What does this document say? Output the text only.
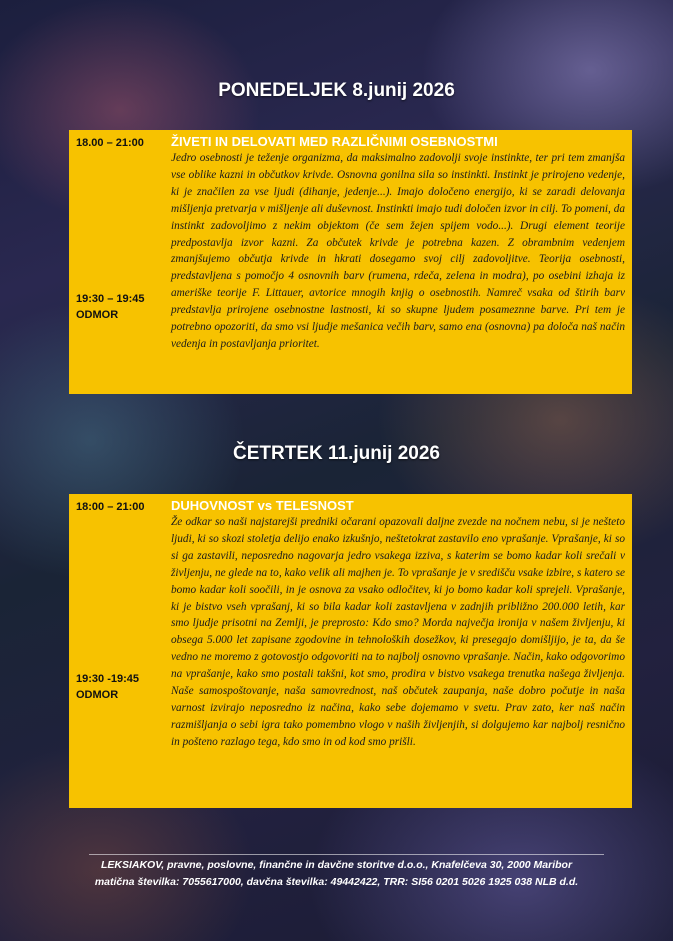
PONEDELJEK 8.junij 2026
18.00 – 21:00
19:30 – 19:45
ODMOR
ŽIVETI IN DELOVATI MED RAZLIČNIMI OSEBNOSTMI

Jedro osebnosti je teženje organizma, da maksimalno zadovolji svoje instinkte, ter pri tem zmanjša vse oblike kazni in občutkov krivde. Osnovna gonilna sila so instinkti. Instinkt je prirojeno vedenje, ki je značilen za vse ljudi (dihanje, jedenje...). Imajo določeno energijo, ki se zaradi delovanja mišljenja pretvarja v mišljenje ali duševnost. Instinkti imajo tudi določen izvor in cilj. To pomeni, da instinkt zadovoljimo z nekim objektom (če sem žejen spijem vodo...). Drugi element teorije predpostavlja izvor kazni. Za občutek krivde je potrebna kazen. Z obrambnim vedenjem zmanjšujemo občutja krivde in hkrati dosegamo svoj cilj zadovoljitve. Teorija osebnosti, predstavljena s pomočjo 4 osnovnih barv (rumena, rdeča, zelena in modra), po osebini izhaja iz ameriške teorije F. Littauer, avtorice mnogih knjig o osebnostih. Namreč vsaka od štirih barv predstavlja prirojene osebnostne lastnosti, ki so skupne ljudem posameznne barve. Pri tem je potrebno opozoriti, da smo vsi ljudje mešanica večih barv, samo ena (osnovna) pa določa naš način vedenja in postavljanja prioritet.

ČETRTEK 11.junij 2026
18:00 – 21:00
19:30 -19:45
ODMOR
DUHOVNOST vs TELESNOST

Že odkar so naši najstarejši predniki očarani opazovali daljne zvezde na nočnem nebu, si je nešteto ljudi, ki so skozi stoletja delijo enako izkušnjo, neštetokrat zastavilo eno vprašanje. Vprašanje, ki so si ga zastavili, neposredno nagovarja jedro vsakega izziva, s katerim se bomo kadar koli srečali v življenju, ne glede na to, kako velik ali majhen je. To vprašanje je v središču vsake izbire, s katero se bomo kadar koli soočili, in je osnova za vsako odločitev, ki jo bomo kadar koli sprejeli. Vprašanje, ki je bistvo vseh vprašanj, ki so bila kadar koli zastavljena v zadnjih približno 200.000 letih, kar smo ljudje prisotni na Zemlji, je preprosto: Kdo smo? Morda največja ironija v našem življenju, ki obsega 5.000 let zapisane zgodovine in tehnoloških dosežkov, ki presegajo domišljijo, je ta, da še vedno ne moremo z gotovostjo odgovoriti na to najbolj osnovno vprašanje. Način, kako odgovorimo na vprašanje, kako smo postali takšni, kot smo, prodira v bistvo vsakega trenutka našega življenja. Naše samospoštovanje, naša samovrednost, naš občutek zaupanja, naše dobro počutje in naša varnost izvirajo neposredno iz načina, kako sebe dojemamo v svetu. Prav zato, ker naš način razmišljanja o sebi igra tako pomembno vlogo v naših življenjih, si dolgujemo kar najbolj resnično in pošteno razlago tega, kdo smo in od kod smo prišli.

LEKSIAKOV, pravne, poslovne, finančne in davčne storitve d.o.o., Knafelčeva 30, 2000 Maribor
matična številka: 7055617000, davčna številka: 49442422, TRR: SI56 0201 5026 1925 038 NLB d.d.
